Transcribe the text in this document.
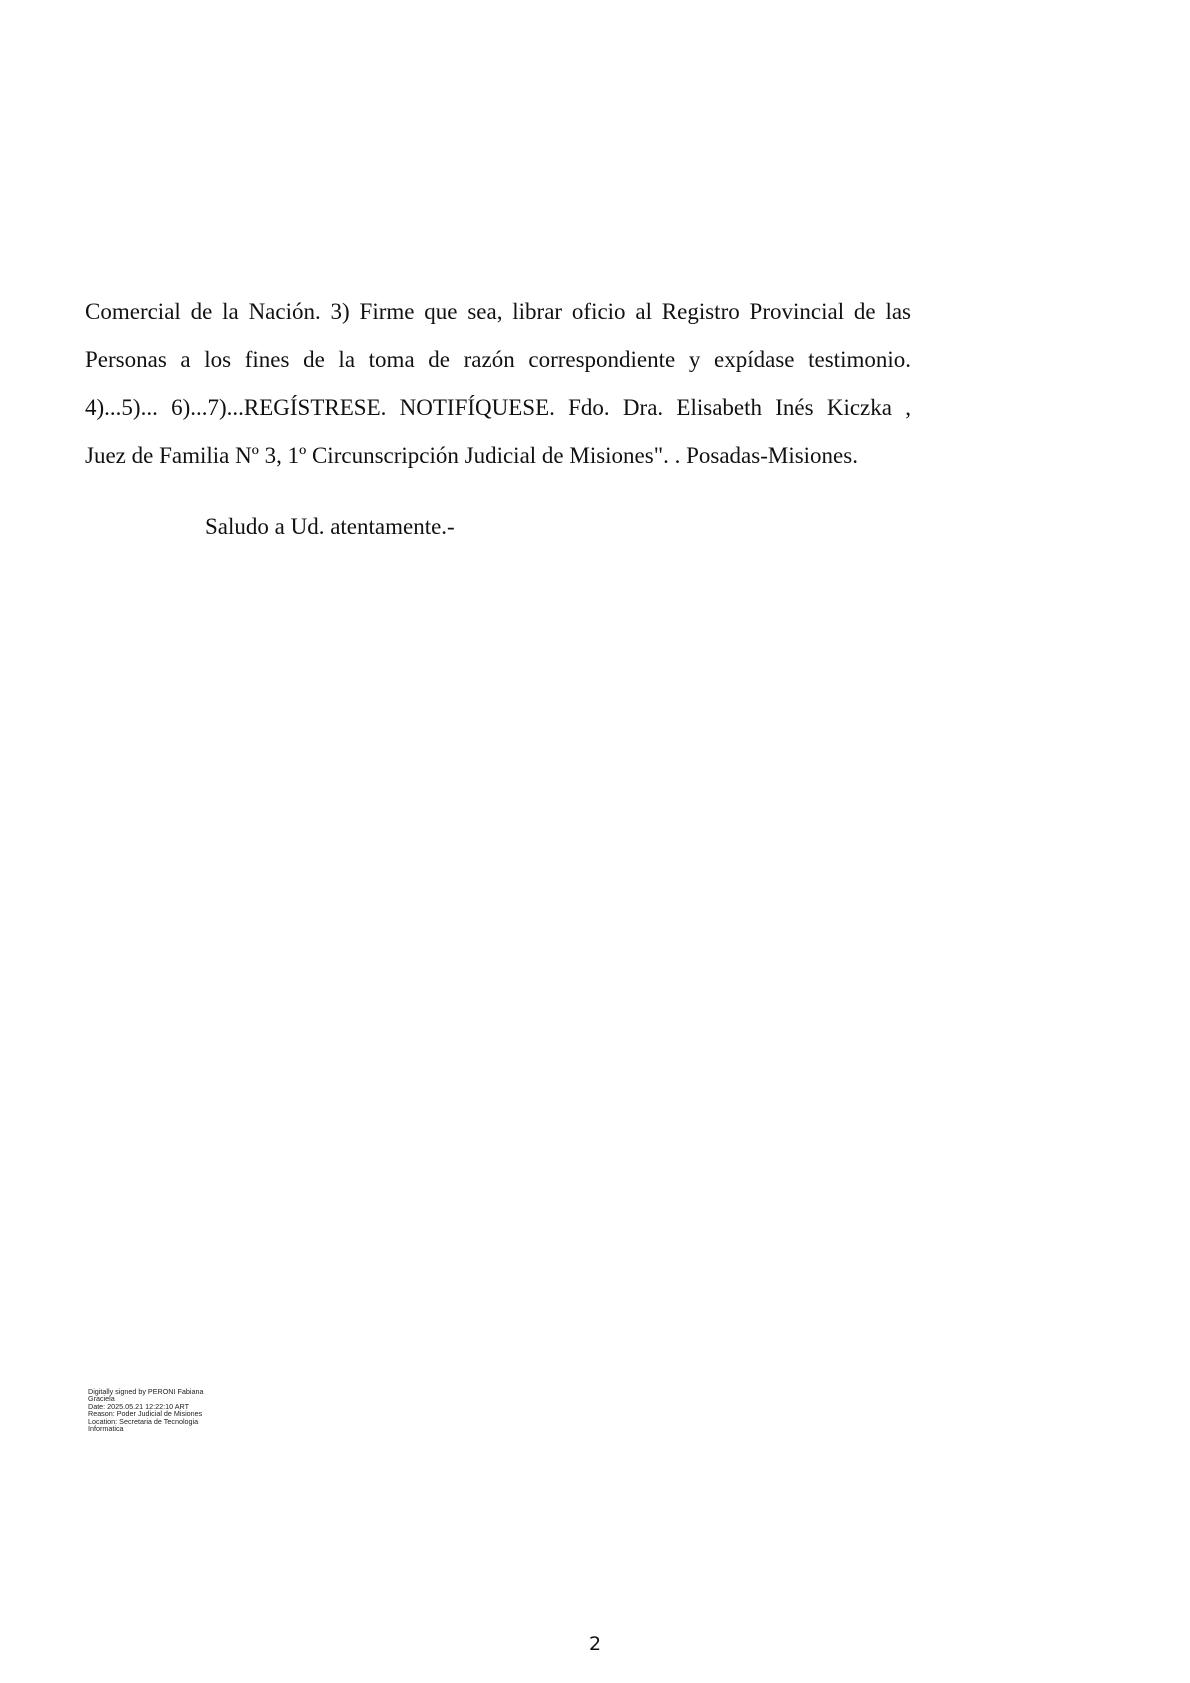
Comercial de la Nación. 3) Firme que sea, librar oficio al Registro Provincial de las
Personas a los fines de la toma de razón correspondiente y expídase testimonio.
4)...5)... 6)...7)...REGÍSTRESE. NOTIFÍQUESE. Fdo. Dra. Elisabeth Inés Kiczka ,
Juez de Familia Nº 3, 1º Circunscripción Judicial de Misiones". . Posadas-Misiones.

Saludo a Ud. atentamente.-

Digitally signed by PERONI Fabiana
Graciela
Date: 2025.05.21 12:22:10 ART
Reason: Poder Judicial de Misiones
Location: Secretaria de Tecnologia
Informatica
2
